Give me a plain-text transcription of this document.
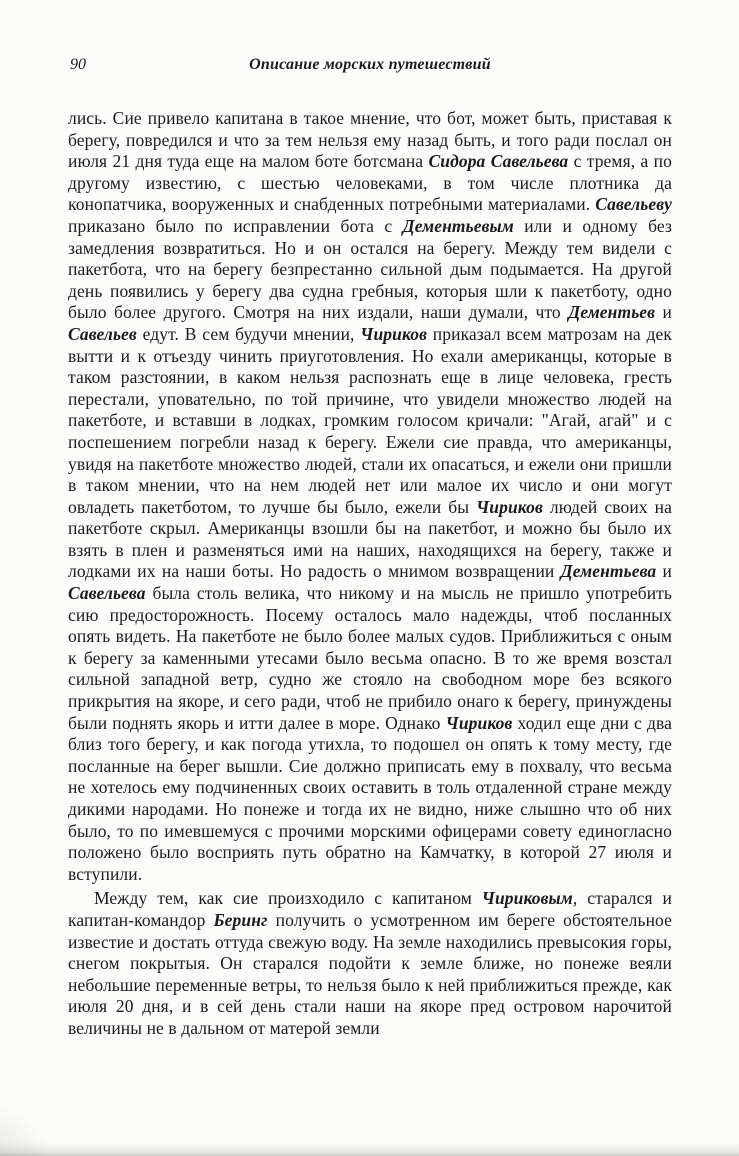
90	Описание морских путешествий

лись. Сие привело капитана в такое мнение, что бот, может быть, приставая к берегу, повредился и что за тем нельзя ему назад быть, и того ради послал он июля 21 дня туда еще на малом боте ботсмана Сидора Савельева с тремя, а по другому известию, с шестью человеками, в том числе плотника да конопатчика, вооруженных и снабденных потребными материалами. Савельеву приказано было по исправлении бота с Дементьевым или и одному без замедления возвратиться. Но и он остался на берегу. Между тем видели с пакетбота, что на берегу безпрестанно сильной дым подымается. На другой день появились у берегу два судна гребныя, которыя шли к пакетботу, одно было более другого. Смотря на них издали, наши думали, что Дементьев и Савельев едут. В сем будучи мнении, Чириков приказал всем матрозам на дек вытти и к отъезду чинить приуготовления. Но ехали американцы, которые в таком разстоянии, в каком нельзя распознать еще в лице человека, гресть перестали, уповательно, по той причине, что увидели множество людей на пакетботе, и вставши в лодках, громким голосом кричали: "Агай, агай" и с поспешением погребли назад к берегу. Ежели сие правда, что американцы, увидя на пакетботе множество людей, стали их опасаться, и ежели они пришли в таком мнении, что на нем людей нет или малое их число и они могут овладеть пакетботом, то лучше бы было, ежели бы Чириков людей своих на пакетботе скрыл. Американцы взошли бы на пакетбот, и можно бы было их взять в плен и разменяться ими на наших, находящихся на берегу, также и лодками их на наши боты. Но радость о мнимом возвращении Дементьева и Савельева была столь велика, что никому и на мысль не пришло употребить сию предосторожность. Посему осталось мало надежды, чтоб посланных опять видеть. На пакетботе не было более малых судов. Приближиться с оным к берегу за каменными утесами было весьма опасно. В то же время возстал сильной западной ветр, судно же стояло на свободном море без всякого прикрытия на якоре, и сего ради, чтоб не прибило онаго к берегу, принуждены были поднять якорь и итти далее в море. Однако Чириков ходил еще дни с два близ того берегу, и как погода утихла, то подошел он опять к тому месту, где посланные на берег вышли. Сие должно приписать ему в похвалу, что весьма не хотелось ему подчиненных своих оставить в толь отдаленной стране между дикими народами. Но понеже и тогда их не видно, ниже слышно что об них было, то по имевшемуся с прочими морскими офицерами совету единогласно положено было восприять путь обратно на Камчатку, в которой 27 июля и вступили.

Между тем, как сие произходило с капитаном Чириковым, старался и капитан-командор Беринг получить о усмотренном им береге обстоятельное известие и достать оттуда свежую воду. На земле находились превысокия горы, снегом покрытыя. Он старался подойти к земле ближе, но понеже веяли небольшие переменные ветры, то нельзя было к ней приближиться прежде, как июля 20 дня, и в сей день стали наши на якоре пред островом нарочитой величины не в дальном от матерой земли
